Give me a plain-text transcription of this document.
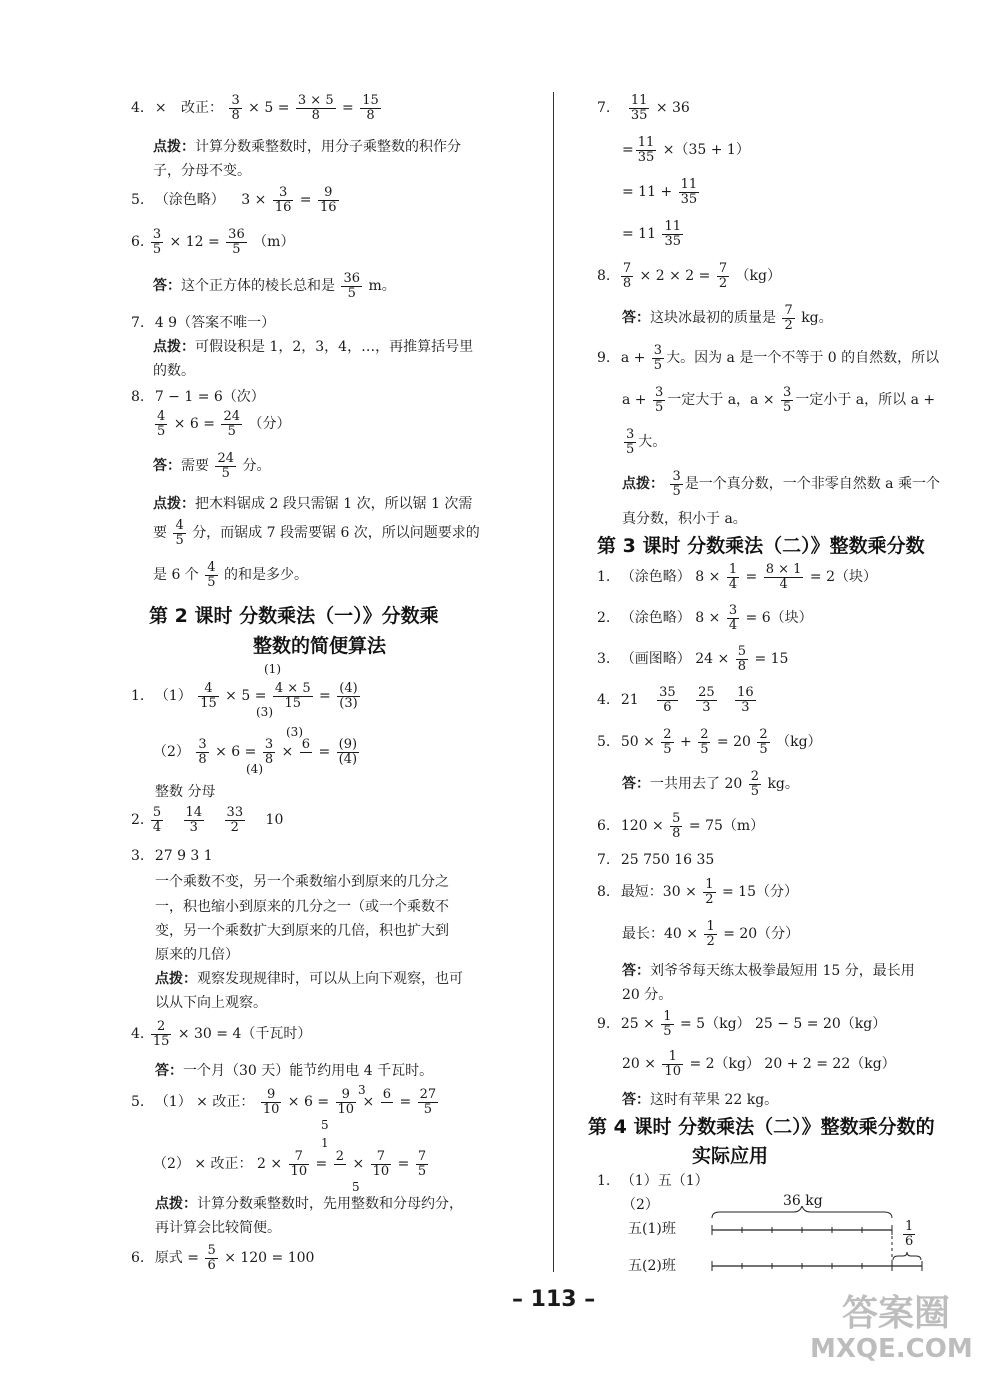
4. × 改正： $\frac{3}{8} \times 5 = \frac{3 \times 5}{8} = \frac{15}{8}$
点拨：计算分数乘整数时，用分子乘整数的积作分
子，分母不变。
5. （涂色略） $3 \times \frac{3}{16} = \frac{9}{16}$
6. $\frac{3}{5} \times 12 = \frac{36}{5} (m)$
答：这个正方体的棱长总和是 $\frac{36}{5}$ m。
7. 4 9（答案不唯一）
点拨：可假设积是 1，2，3，4，…，再推算括号里
的数。
8. 7 − 1 = 6（次）
$\frac{4}{5} \times 6 = \frac{24}{5}$ （分）
答：需要 $\frac{24}{5}$ 分。
点拨：把木料锯成 2 段只需锯 1 次，所以锯 1 次需
要 $\frac{4}{5}$ 分，而锯成 7 段需要锯 6 次，所以问题要求的
是 6 个 $\frac{4}{5}$ 的和是多少。
第 2 课时 分数乘法（一）》分数乘
整数的简便算法
1. $(1) \frac{4}{15} \times 5 = \frac{4 \times 5}{15} = \frac{(4)}{(3)}$
(1)
(3)
$(2) \frac{3}{8} \times 6 = \frac{3}{8} \times 6$
= $\frac{(9)}{(4)}$
(3)
(4)
整数 分母
2. $\frac{5}{4}$
$\frac{14}{3}$
$\frac{33}{2} 10$
3. 27 9 3 1
一个乘数不变，另一个乘数缩小到原来的几分之
一，积也缩小到原来的几分之一（或一个乘数不
变，另一个乘数扩大到原来的几倍，积也扩大到
原来的几倍）
点拨：观察发现规律时，可以从上向下观察，也可
以从下向上观察。
4. $\frac{2}{15} \times 30 = 4$（千瓦时）
答：一个月（30 天）能节约用电 4 千瓦时。
5. （1） × 改正： $\frac{9}{10} \times 6 = \frac{9}{10} \times 6$
= $\frac{27}{5}$
3
5
（2） × 改正： $2 \times \frac{7}{10} = 2$
× $\frac{7}{10} = \frac{7}{5}$
1
5
点拨：计算分数乘整数时，先用整数和分母约分，
再计算会比较简便。
6. 原式 = $\frac{5}{6} \times 120 = 100$
7. $\frac{11}{35} \times 36$
= $\frac{11}{35} \times(35 + 1)$
= $11 + \frac{11}{35}$
= $11 \frac{11}{35}$
8. $\frac{7}{8} \times 2 \times 2 = \frac{7}{2} (kg)$
答：这块冰最初的质量是 $\frac{7}{2}$ kg。
9. $a + \frac{3}{5}$ 大。因为 a 是一个不等于 0 的自然数，所以
$a + \frac{3}{5}$ 一定大于 a，$a \times \frac{3}{5}$ 一定小于 a，所以 a +
$\frac{3}{5}$ 大。
点拨： $\frac{3}{5}$ 是一个真分数，一个非零自然数 a 乘一个
真分数，积小于 a。
第 3 课时 分数乘法（二）》整数乘分数
1. （涂色略） $8 \times \frac{1}{4} = \frac{8 \times 1}{4} = 2$（块）
2. （涂色略） $8 \times \frac{3}{4} = 6$（块）
3. （画图略） $24 \times \frac{5}{8} = 15$
4. $21 \frac{35}{6}$
$\frac{25}{3}$
$\frac{16}{3}$
5. $50 \times \frac{2}{5} + \frac{2}{5} = 20 \frac{2}{5} (kg)$
答：一共用去了 $20 \frac{2}{5}$ kg。
6. $120 \times \frac{5}{8} = 75(m)$
7. 25 750 16 35
8. 最短：$30 \times \frac{1}{2} = 15$（分）
最长：$40 \times \frac{1}{2} = 20$（分）
答：刘爷爷每天练太极拳最短用 15 分，最长用
20 分。
9. $25 \times \frac{1}{5} = 5(kg) 25 - 5 = 20(kg)$
$20 \times \frac{1}{10} = 2(kg) 20 + 2 = 22(kg)$
答：这时有苹果 22 kg。
第 4 课时 分数乘法（二）》整数乘分数的
实际应用
1. （1）五（1）
（2）	36 kg
五(1)班
五(2)班
$\frac{1}{6}$
– 113 –	答案圈
MXQE.COM
